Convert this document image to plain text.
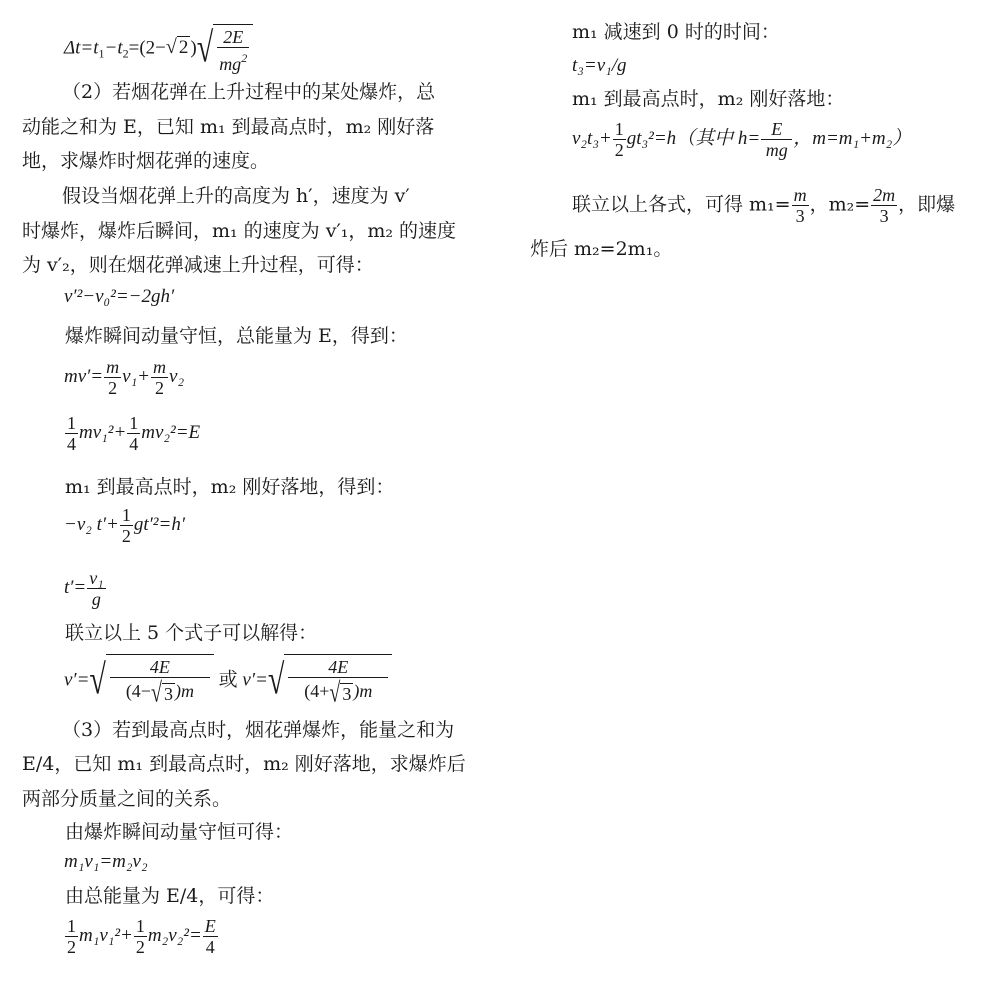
$\Delta t=t_1-t_2=(2-√$ 2 )√ $\frac{2E}{mg^2}$
（2）若烟花弹在上升过程中的某处爆炸，总
动能之和为 E，已知 m₁ 到最高点时，m₂ 刚好落
地，求爆炸时烟花弹的速度。
假设当烟花弹上升的高度为 h′，速度为 v′
时爆炸，爆炸后瞬间，m₁ 的速度为 v′₁，m₂ 的速度
为 v′₂，则在烟花弹减速上升过程，可得：
v′²−v₀²=−2gh′
爆炸瞬间动量守恒，总能量为 E，得到：
$mv'= \frac{m}{2} v_1+ \frac{m}{2} v_2$
$\frac{1}{4} mv_1^2+ \frac{1}{4} mv_2^2=E$
m₁ 到最高点时，m₂ 刚好落地，得到：
−v₂ $t'+ \frac{1}{2} gt'^2=h'$
$t'= \frac{\text{v₁}}{g}$
联立以上 5 个式子可以解得：
$v'=√ \frac{4E}{(4-√ 3 )m}$ 或 $v'=√ \frac{4E}{(4+√ 3 )m}$
（3）若到最高点时，烟花弹爆炸，能量之和为
E/4，已知 m₁ 到最高点时，m₂ 刚好落地，求爆炸后
两部分质量之间的关系。
由爆炸瞬间动量守恒可得：
m₁v₁=m₂v₂
由总能量为 E/4，可得：
$\frac{1}{2} m_1v_1^2+ \frac{1}{2} m_2v_2^2= \frac{E}{4}$
m₁ 减速到 0 时的时间：
t₃=v₁/g
m₁ 到最高点时，m₂ 刚好落地：
$v_2t_3+ \frac{1}{2} gt_3^2=h$（其中 $h= \frac{E}{mg}$ ，m=m₁+m₂）
联立以上各式，可得 $m_1= \frac{m}{3}$ ，$m_2= \frac{2m}{3}$ ，即爆
炸后 m₂=2m₁。
